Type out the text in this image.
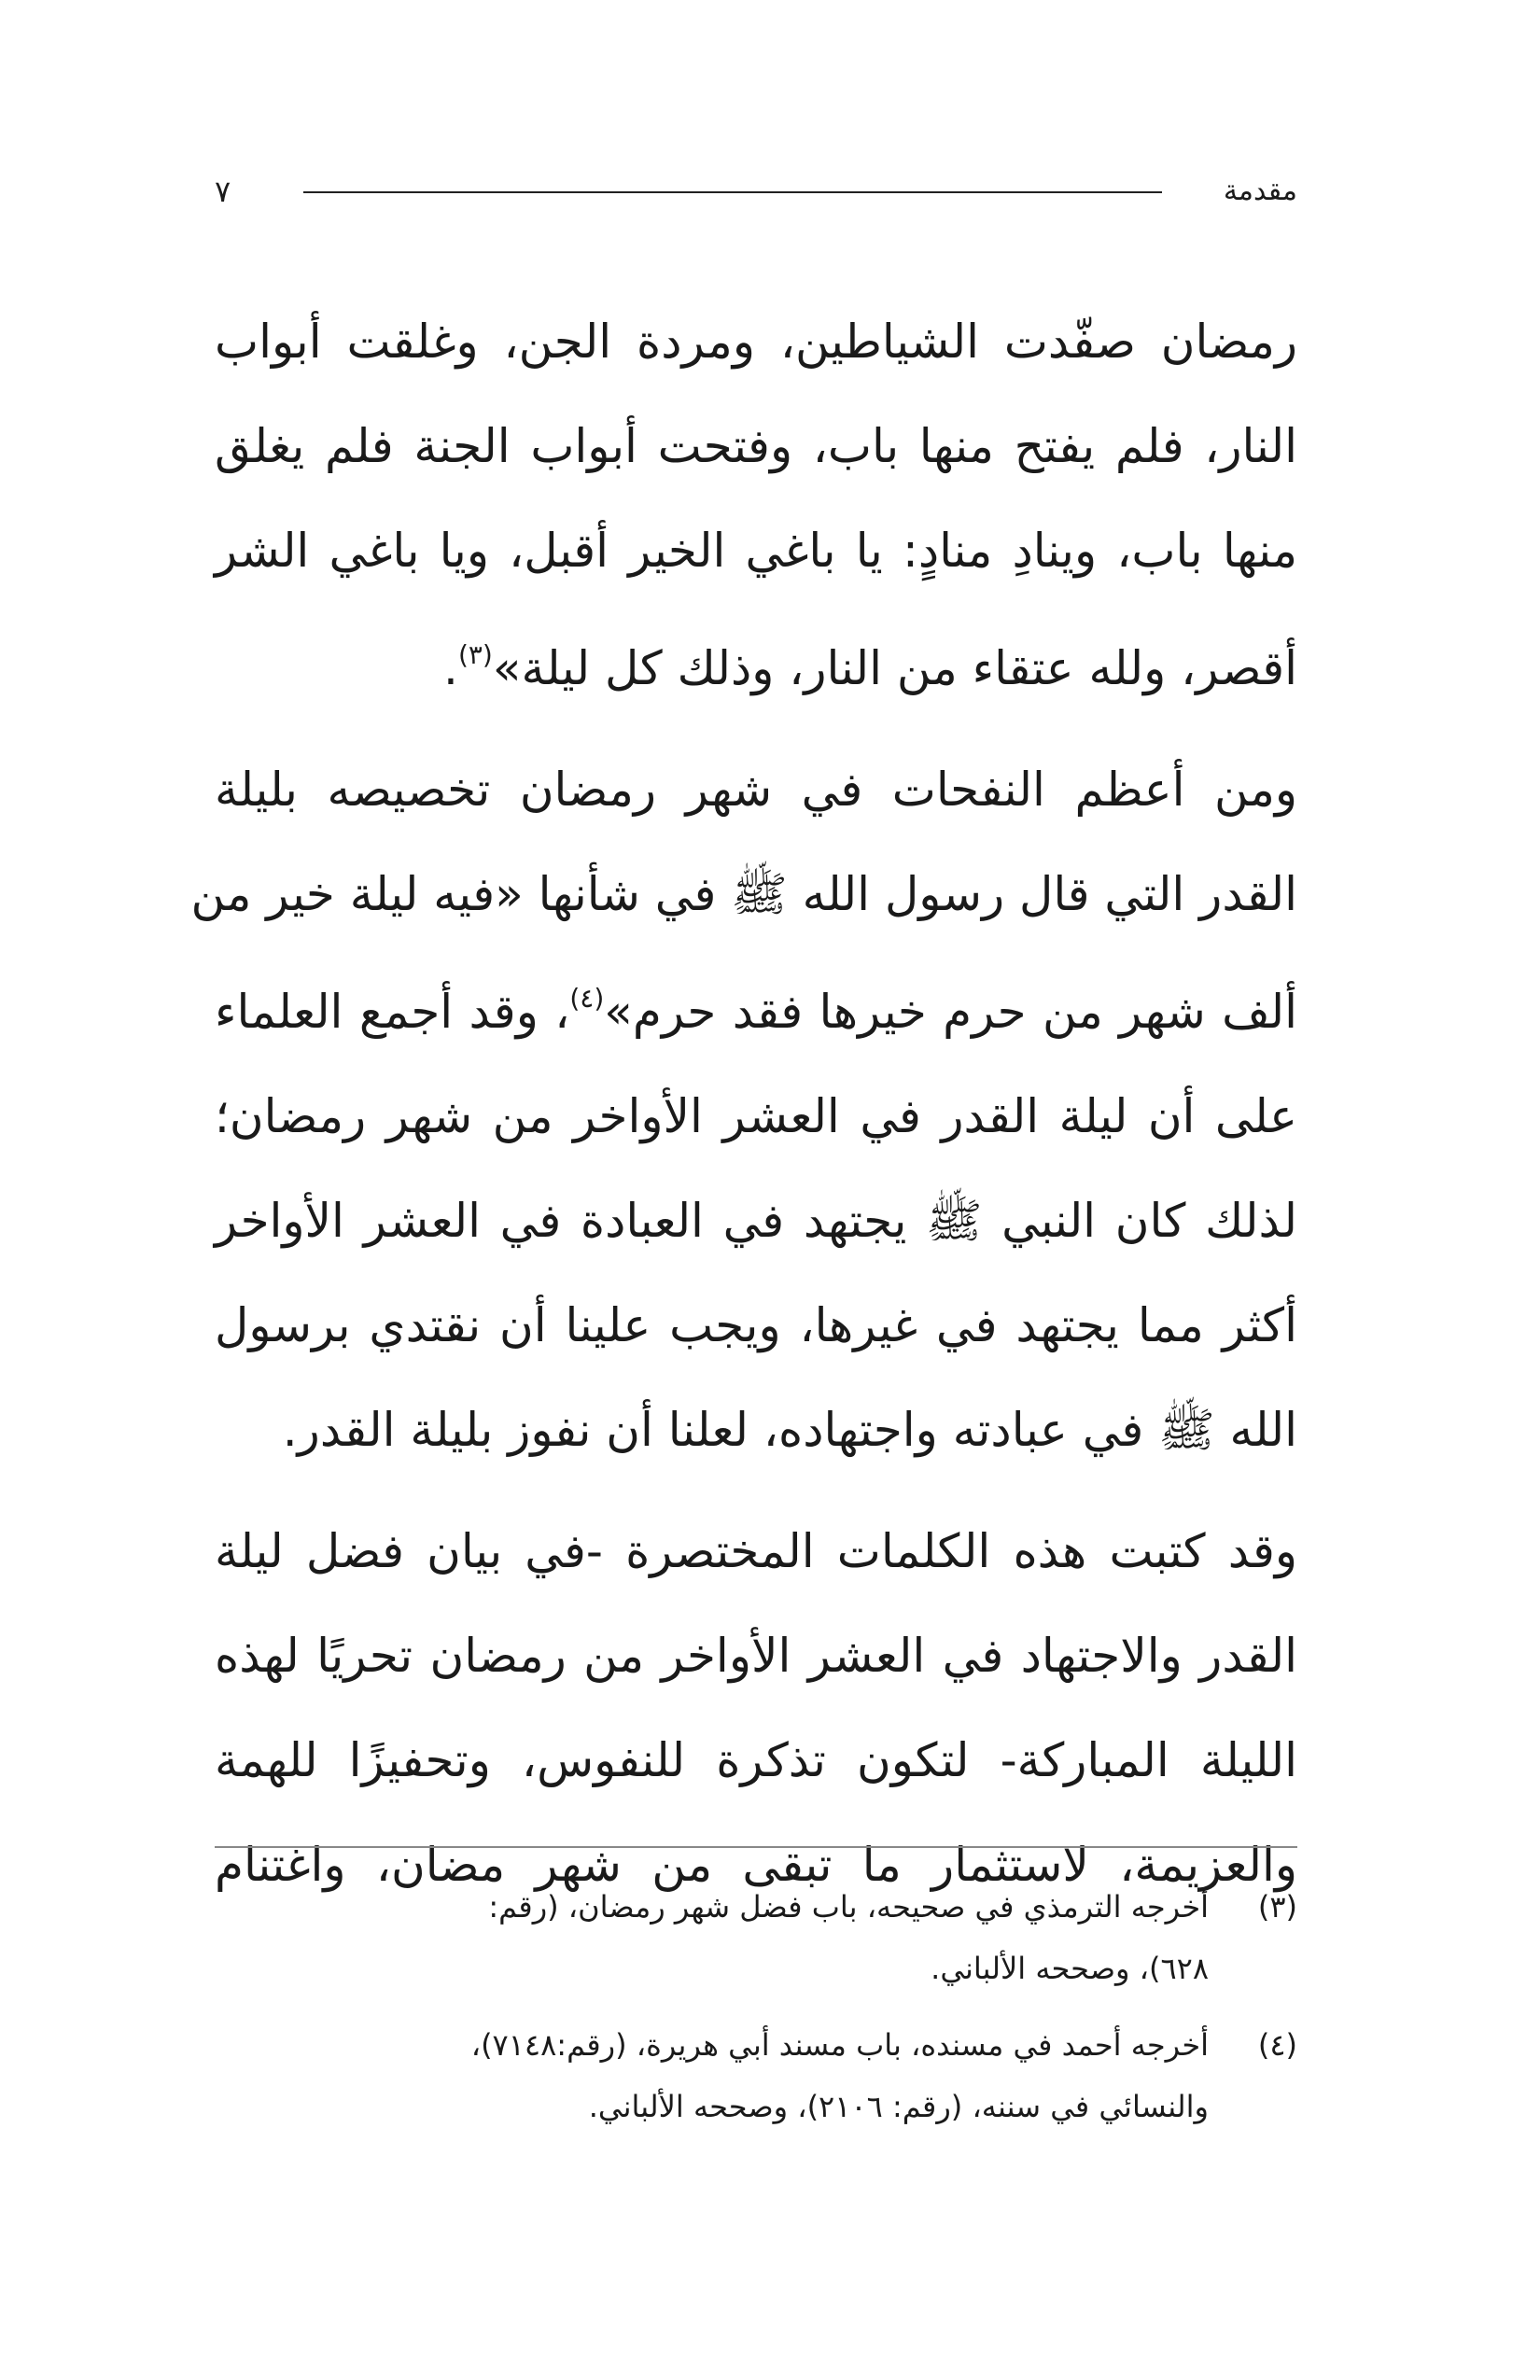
مقدمة
٧

رمضان صفّدت الشياطين، ومردة الجن، وغلقت أبواب
النار، فلم يفتح منها باب، وفتحت أبواب الجنة فلم يغلق
منها باب، وينادِ منادٍ: يا باغي الخير أقبل، ويا باغي الشر
أقصر، ولله عتقاء من النار، وذلك كل ليلة»$^{(٣)}$.

ومن أعظم النفحات في شهر رمضان تخصيصه بليلة
القدر التي قال رسول الله ﷺ في شأنها «فيه ليلة خير من
ألف شهر من حرم خيرها فقد حرم»$^{(٤)}$، وقد أجمع العلماء
على أن ليلة القدر في العشر الأواخر من شهر رمضان؛
لذلك كان النبي ﷺ يجتهد في العبادة في العشر الأواخر
أكثر مما يجتهد في غيرها، ويجب علينا أن نقتدي برسول
الله ﷺ في عبادته واجتهاده، لعلنا أن نفوز بليلة القدر.

وقد كتبت هذه الكلمات المختصرة -في بيان فضل ليلة
القدر والاجتهاد في العشر الأواخر من رمضان تحريًا لهذه
الليلة المباركة- لتكون تذكرة للنفوس، وتحفيزًا للهمة
والعزيمة، لاستثمار ما تبقى من شهر مضان، واغتنام

(٣)
أخرجه الترمذي في صحيحه، باب فضل شهر رمضان، (رقم:
٦٢٨)، وصححه الألباني.
(٤)
أخرجه أحمد في مسنده، باب مسند أبي هريرة، (رقم:٧١٤٨)،
والنسائي في سننه، (رقم: ٢١٠٦)، وصححه الألباني.
